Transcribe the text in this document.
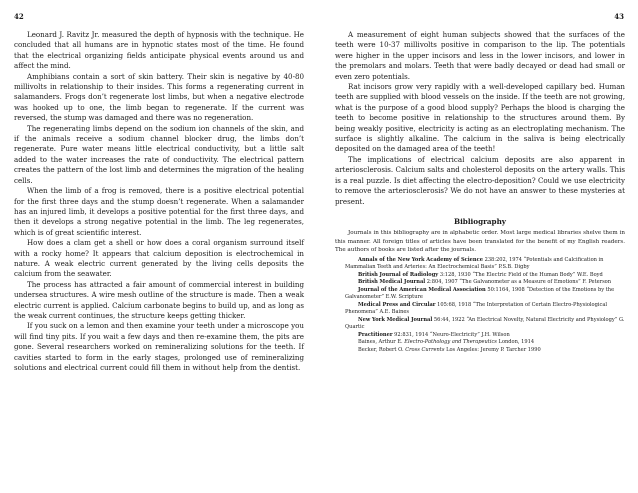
42

Leonard J. Ravitz Jr. measured the depth of hypnosis with the technique. He concluded that all humans are in hypnotic states most of the time. He found that the electrical organizing fields anticipate physical events around us and affect the mind.

Amphibians contain a sort of skin battery. Their skin is negative by 40-80 millivolts in relationship to their insides. This forms a regenerating current in salamanders. Frogs don’t regenerate lost limbs, but when a negative electrode was hooked up to one, the limb began to regenerate. If the current was reversed, the stump was damaged and there was no regeneration.

The regenerating limbs depend on the sodium ion channels of the skin, and if the animals receive a sodium channel blocker drug, the limbs don’t regenerate. Pure water means little electrical conductivity, but a little salt added to the water increases the rate of conductivity. The electrical pattern creates the pattern of the lost limb and determines the migration of the healing cells.

When the limb of a frog is removed, there is a positive electrical potential for the first three days and the stump doesn’t regenerate. When a salamander has an injured limb, it develops a positive potential for the first three days, and then it develops a strong negative potential in the limb. The leg regenerates, which is of great scientific interest.

How does a clam get a shell or how does a coral organism surround itself with a rocky home? It appears that calcium deposition is electrochemical in nature. A weak electric current generated by the living cells deposits the calcium from the seawater.

The process has attracted a fair amount of commercial interest in building undersea structures. A wire mesh outline of the structure is made. Then a weak electric current is applied. Calcium carbonate begins to build up, and as long as the weak current continues, the structure keeps getting thicker.

If you suck on a lemon and then examine your teeth under a microscope you will find tiny pits. If you wait a few days and then re-examine them, the pits are gone. Several researchers worked on remineralizing solutions for the teeth. If cavities started to form in the early stages, prolonged use of remineralizing solutions and electrical current could fill them in without help from the dentist.

43

A measurement of eight human subjects showed that the surfaces of the teeth were 10-37 millivolts positive in comparison to the lip. The potentials were higher in the upper incisors and less in the lower incisors, and lower in the premolars and molars. Teeth that were badly decayed or dead had small or even zero potentials.

Rat incisors grow very rapidly with a well-developed capillary bed. Human teeth are supplied with blood vessels on the inside. If the teeth are not growing, what is the purpose of a good blood supply? Perhaps the blood is charging the teeth to become positive in relationship to the structures around them. By being weakly positive, electricity is acting as an electroplating mechanism. The surface is slightly alkaline. The calcium in the saliva is being electrically deposited on the damaged area of the teeth!

The implications of electrical calcium deposits are also apparent in arteriosclerosis. Calcium salts and cholesterol deposits on the artery walls. This is a real puzzle. Is diet affecting the electro-deposition? Could we use electricity to remove the arteriosclerosis? We do not have an answer to these mysteries at present.

Bibliography

Journals in this bibliography are in alphabetic order. Most large medical libraries shelve them in this manner. All foreign titles of articles have been translated for the benefit of my English readers. The authors of books are listed after the journals.

Annals of the New York Academy of Science 238:202, 1974 “Potentials and Calcification in Mammalian Teeth and Arteries: An Electrochemical Basis” P.S.B. Digby

British Journal of Radiology 3:128, 1930 “The Electric Field of the Human Body” W.E. Boyd

British Medical Journal 2:804, 1907 “The Galvanometer as a Measure of Emotions” F. Peterson

Journal of the American Medical Association 50:1164, 1908 “Detection of the Emotions by the Galvanometer” E.W. Scripture

Medical Press and Circular 105:68, 1918 “The Interpretation of Certain Electro-Physiological Phenomena” A.E. Baines

New York Medical Journal 56:44, 1922 “An Electrical Novelty, Natural Electricity and Physiology” G. Quartic

Practitioner 92:831, 1914 “Neuro-Electricity” J.H. Wilson

Baines, Arthur E. Electro-Pathology and Therapeutics London, 1914

Becker, Robert O. Cross Currents Los Angeles: Jeremy P. Tarcher 1990
